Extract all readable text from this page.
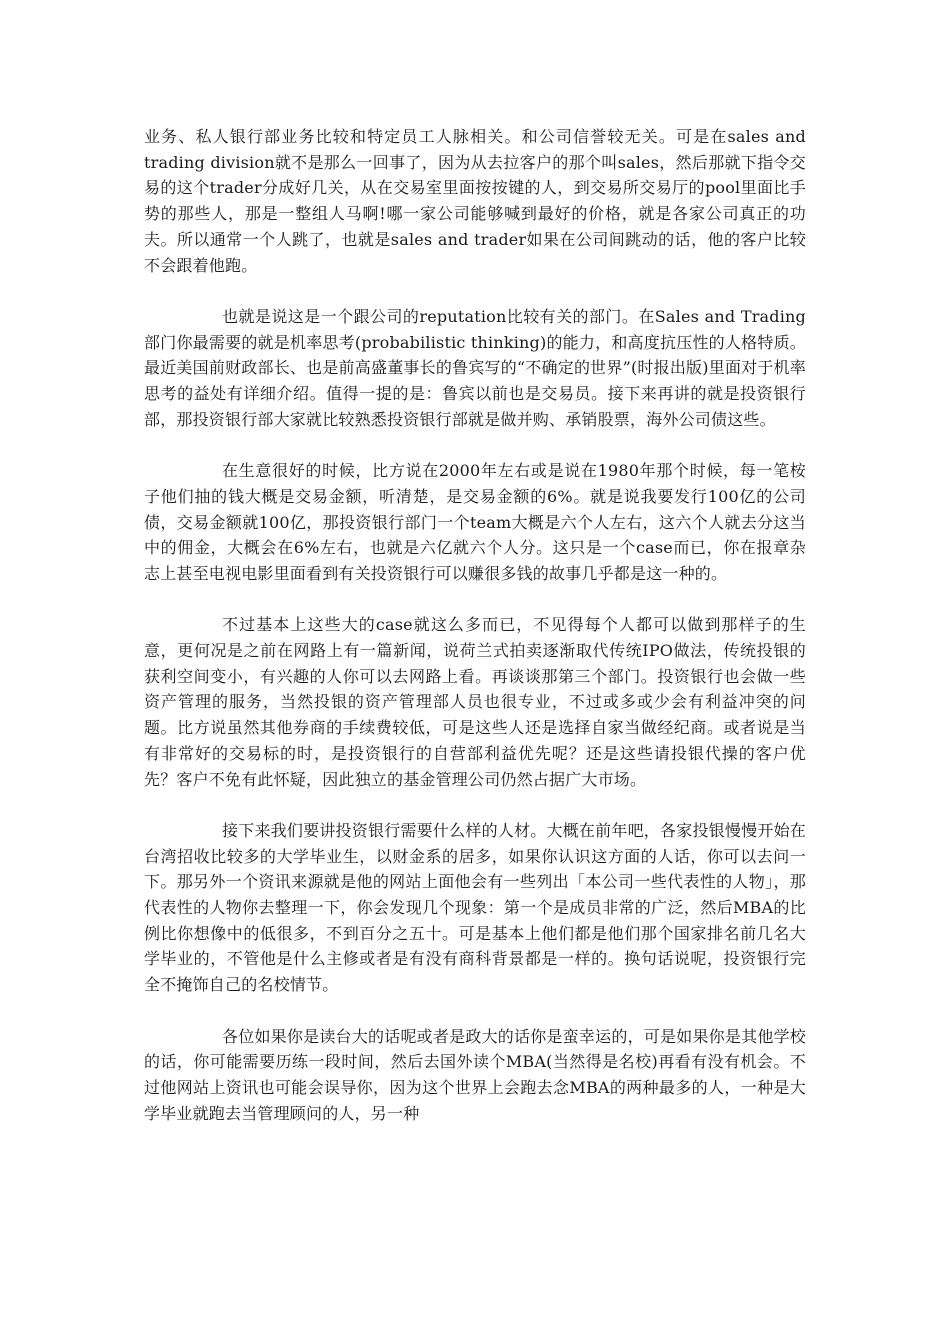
业务、私人银行部业务比较和特定员工人脉相关。和公司信誉较无关。可是在sales and trading division就不是那么一回事了，因为从去拉客户的那个叫sales，然后那就下指令交易的这个trader分成好几关，从在交易室里面按按键的人，到交易所交易厅的pool里面比手势的那些人，那是一整组人马啊!哪一家公司能够喊到最好的价格，就是各家公司真正的功夫。所以通常一个人跳了，也就是sales and trader如果在公司间跳动的话，他的客户比较不会跟着他跑。

也就是说这是一个跟公司的reputation比较有关的部门。在Sales and Trading部门你最需要的就是机率思考(probabilistic thinking)的能力，和高度抗压性的人格特质。最近美国前财政部长、也是前高盛董事长的鲁宾写的“不确定的世界”(时报出版)里面对于机率思考的益处有详细介绍。值得一提的是：鲁宾以前也是交易员。接下来再讲的就是投资银行部，那投资银行部大家就比较熟悉投资银行部就是做并购、承销股票，海外公司债这些。

在生意很好的时候，比方说在2000年左右或是说在1980年那个时候，每一笔桉子他们抽的钱大概是交易金额，听清楚，是交易金额的6%。就是说我要发行100亿的公司债，交易金额就100亿，那投资银行部门一个team大概是六个人左右，这六个人就去分这当中的佣金，大概会在6%左右，也就是六亿就六个人分。这只是一个case而已，你在报章杂志上甚至电视电影里面看到有关投资银行可以赚很多钱的故事几乎都是这一种的。

不过基本上这些大的case就这么多而已，不见得每个人都可以做到那样子的生意，更何况是之前在网路上有一篇新闻，说荷兰式拍卖逐渐取代传统IPO做法，传统投银的获利空间变小，有兴趣的人你可以去网路上看。再谈谈那第三个部门。投资银行也会做一些资产管理的服务，当然投银的资产管理部人员也很专业，不过或多或少会有利益冲突的问题。比方说虽然其他券商的手续费较低，可是这些人还是选择自家当做经纪商。或者说是当有非常好的交易标的时，是投资银行的自营部利益优先呢？还是这些请投银代操的客户优先？客户不免有此怀疑，因此独立的基金管理公司仍然占据广大市场。

接下来我们要讲投资银行需要什么样的人材。大概在前年吧，各家投银慢慢开始在台湾招收比较多的大学毕业生，以财金系的居多，如果你认识这方面的人话，你可以去问一下。那另外一个资讯来源就是他的网站上面他会有一些列出「本公司一些代表性的人物」，那代表性的人物你去整理一下，你会发现几个现象：第一个是成员非常的广泛，然后MBA的比例比你想像中的低很多，不到百分之五十。可是基本上他们都是他们那个国家排名前几名大学毕业的，不管他是什么主修或者是有没有商科背景都是一样的。换句话说呢，投资银行完全不掩饰自己的名校情节。

各位如果你是读台大的话呢或者是政大的话你是蛮幸运的，可是如果你是其他学校的话，你可能需要历练一段时间，然后去国外读个MBA(当然得是名校)再看有没有机会。不过他网站上资讯也可能会误导你，因为这个世界上会跑去念MBA的两种最多的人，一种是大学毕业就跑去当管理顾问的人，另一种
